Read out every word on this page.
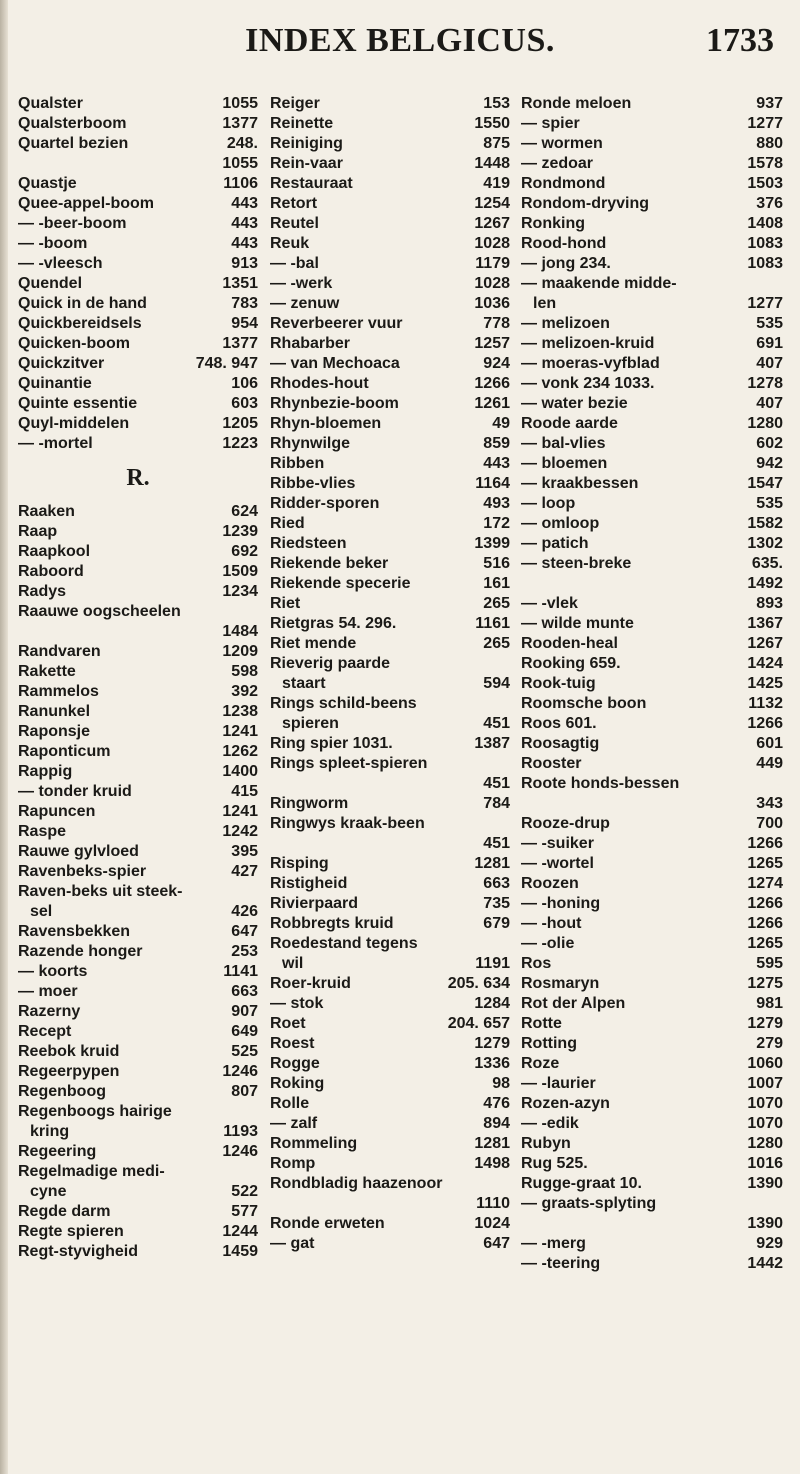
INDEX BELGICUS.	1733
Qualster	1055
Qualsterboom	1377
Quartel bezien	248.
1055
Quastje	1106
Quee-appel-boom	443
— -beer-boom	443
— -boom	443
— -vleesch	913
Quendel	1351
Quick in de hand	783
Quickbereidsels	954
Quicken-boom	1377
Quickzitver	748. 947
Quinantie	106
Quinte essentie	603
Quyl-middelen	1205
— -mortel	1223
R.
Raaken	624
Raap	1239
Raapkool	692
Raboord	1509
Radys	1234
Raauwe oogscheelen
1484
Randvaren	1209
Rakette	598
Rammelos	392
Ranunkel	1238
Raponsje	1241
Raponticum	1262
Rappig	1400
— tonder kruid	415
Rapuncen	1241
Raspe	1242
Rauwe gylvloed	395
Ravenbeks-spier	427
Raven-beks uit steek-
sel	426
Ravensbekken	647
Razende honger	253
— koorts	1141
— moer	663
Razerny	907
Recept	649
Reebok kruid	525
Regeerpypen	1246
Regenboog	807
Regenboogs hairige
kring	1193
Regeering	1246
Regelmadige medi-
cyne	522
Regde darm	577
Regte spieren	1244
Regt-styvigheid	1459
Reiger	153
Reinette	1550
Reiniging	875
Rein-vaar	1448
Restauraat	419
Retort	1254
Reutel	1267
Reuk	1028
— -bal	1179
— -werk	1028
— zenuw	1036
Reverbeerer vuur	778
Rhabarber	1257
— van Mechoaca	924
Rhodes-hout	1266
Rhynbezie-boom	1261
Rhyn-bloemen	49
Rhynwilge	859
Ribben	443
Ribbe-vlies	1164
Ridder-sporen	493
Ried	172
Riedsteen	1399
Riekende beker	516
Riekende specerie	161
Riet	265
Rietgras 54. 296.	1161
Riet mende	265
Rieverig paarde
staart	594
Rings schild-beens
spieren	451
Ring spier 1031.	1387
Rings spleet-spieren
451
Ringworm	784
Ringwys kraak-been
451
Risping	1281
Ristigheid	663
Rivierpaard	735
Robbregts kruid	679
Roedestand tegens
wil	1191
Roer-kruid	205. 634
— stok	1284
Roet	204. 657
Roest	1279
Rogge	1336
Roking	98
Rolle	476
— zalf	894
Rommeling	1281
Romp	1498
Rondbladig haazenoor
1110
Ronde erweten	1024
— gat	647
Ronde meloen	937
— spier	1277
— wormen	880
— zedoar	1578
Rondmond	1503
Rondom-dryving	376
Ronking	1408
Rood-hond	1083
— jong 234.	1083
— maakende midde-
len	1277
— melizoen	535
— melizoen-kruid	691
— moeras-vyfblad	407
— vonk 234 1033.	1278
— water bezie	407
Roode aarde	1280
— bal-vlies	602
— bloemen	942
— kraakbessen	1547
— loop	535
— omloop	1582
— patich	1302
— steen-breke	635.
1492
— -vlek	893
— wilde munte	1367
Rooden-heal	1267
Rooking 659.	1424
Rook-tuig	1425
Roomsche boon	1132
Roos 601.	1266
Roosagtig	601
Rooster	449
Roote honds-bessen
343
Rooze-drup	700
— -suiker	1266
— -wortel	1265
Roozen	1274
— -honing	1266
— -hout	1266
— -olie	1265
Ros	595
Rosmaryn	1275
Rot der Alpen	981
Rotte	1279
Rotting	279
Roze	1060
— -laurier	1007
Rozen-azyn	1070
— -edik	1070
Rubyn	1280
Rug 525.	1016
Rugge-graat 10.	1390
— graats-splyting
1390
— -merg	929
— -teering	1442
